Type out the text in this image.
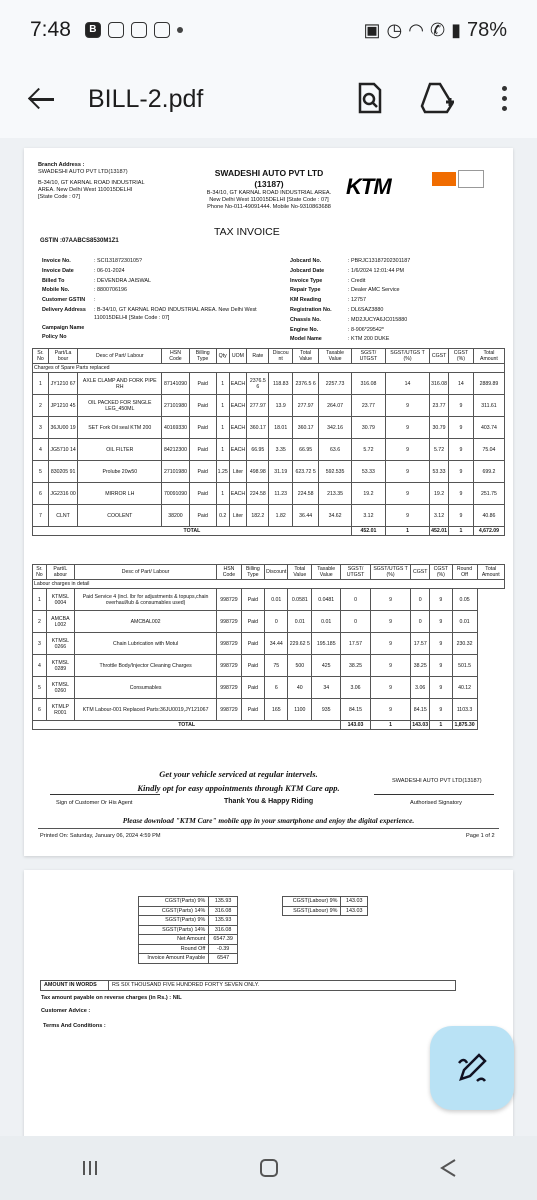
7:48	B	▣ ◷ ◠ ✆ ▮ 78%
BILL-2.pdf
Branch Address :
SWADESHI AUTO PVT LTD(13187)
B-34/10, GT KARNAL ROAD INDUSTRIAL
AREA. New Delhi West 110015DELHI
[State Code : 07]
SWADESHI AUTO PVT LTD
(13187)
B-34/10, GT KARNAL ROAD INDUSTRIAL AREA.
New Delhi West 110015DELHI [State Code : 07]
Phone No-011-49091444. Mobile No-9310863688
KTM
TAX INVOICE
GSTIN :07AABCS8530M1Z1
Invoice No.	: SCI13187230105?
Invoice Date	: 06-01-2024
Billed To	: DEVENDRA JAISWAL
Mobile No.	: 8800706196
Customer GSTIN	:
Delivery Address	: B-34/10, GT KARNAL ROAD INDUSTRIAL AREA. New Delhi West 110015DELHI [State Code : 07]
Campaign Name	
Policy No	
Jobcard No.	: PBRJC13187202301187
Jobcard Date	: 1/6/2024 12:01:44 PM
Invoice Type	: Credit
Repair Type	: Dealer AMC Service
KM Reading	: 12757
Registration No.	: DL6SAZ3880
Chassis No.	: MD2JUCYA6JC015880
Engine No.	: 8-906*29542*
Model Name	: KTM 200 DUKE
Sr. No	Part/La bour	Desc of Part/ Labour	HSN Code	Billing Type	Qty	UOM	Rate	Discou nt	Total Value	Taxable Value	SGST/ UTGST	SGST/UTGS T (%)	CGST	CGST (%)	Total Amount
Charges of Spare Parts replaced															
1	JY1210 67	AXLE CLAMP AND FORK PIPE RH	87141090	Paid	1	EACH	2376.5 6	118.83	2376.5 6	2257.73	316.08	14	316.08	14	2889.89
2	JP1210 45	OIL PACKED FOR SINGLE LEG_450ML	27101980	Paid	1	EACH	277.97	13.9	277.97	264.07	23.77	9	23.77	9	311.61
3	36JU00 19	SET Fork Oil seal KTM 200	40169330	Paid	1	EACH	360.17	18.01	360.17	342.16	30.79	9	30.79	9	403.74
4	JG5710 14	OIL FILTER	84212300	Paid	1	EACH	66.95	3.35	66.95	63.6	5.72	9	5.72	9	75.04
5	830205 91	Prolube 20w50	27101980	Paid	1.25	Liter	498.98	31.19	623.72 5	592.535	53.33	9	53.33	9	699.2
6	JG2316 00	MIRROR LH	70091090	Paid	1	EACH	224.58	11.23	224.58	213.35	19.2	9	19.2	9	251.75
7	CLNT	COOLENT	38200	Paid	0.2	Liter	182.2	1.82	36.44	34.62	3.12	9	3.12	9	40.86
TOTAL											452.01	1	452.01	1	4,672.09
Sr. No	Part/L abour	Desc of Part/ Labour	HSN Code	Billing Type	Discount	Total Value	Taxable Value	SGST/ UTGST	SGST/UTGS T (%)	CGST	CGST (%)	Round Off	Total Amount
Labour charges in detail													
1	KTMSL 0004	Paid Service 4 (incl. lbr for adjustments & topups,chain overhaul/lub & consumables used)	998729	Paid	0.01	0.0581	0.0481	0	9	0	9	0.05	
2	AMCBA L002	AMCBAL002	998729	Paid	0	0.01	0.01	0	9	0	9	0.01	
3	KTMSL 0266	Chain Lubrication with Motul	998729	Paid	34.44	229.62 5	195.185	17.57	9	17.57	9	230.32	
4	KTMSL 0289	Throttle Body/Injector Cleaning Charges	998729	Paid	75	500	425	38.25	9	38.25	9	501.5	
5	KTMSL 0260	Consumables	998729	Paid	6	40	34	3.06	9	3.06	9	40.12	
6	KTMLP R001	KTM Labour-001 Replaced Parts:36JU0019,JY121067	998729	Paid	165	1100	935	84.15	9	84.15	9	1103.3	
TOTAL								143.03	1	143.03	1	1,875.30	
Get your vehicle serviced at regular intervels.
Kindly opt for easy appointments through KTM Care app.
SWADESHI AUTO PVT LTD(13187)
Sign of Customer Or His Agent	Thank You & Happy Riding	Authorised Signatory
Please download "KTM Care" mobile app in your smartphone and enjoy the digital experience.
Printed On: Saturday, January 06, 2024 4:59 PM	Page 1 of 2
CGST(Parts) 9%	135.93
CGST(Parts) 14%	316.08
SGST(Parts) 9%	135.93
SGST(Parts) 14%	316.08
Net Amount	6547.39
Round Off	-0.39
Invoice Amount Payable	6547
CGST(Labour) 9%	143.03
SGST(Labour) 9%	143.03
AMOUNT IN WORDS	RS SIX THOUSAND FIVE HUNDRED FORTY SEVEN ONLY.
Tax amount payable on reverse charges (in Rs.) : NIL
Customer Advice :
Terms And Conditions :
